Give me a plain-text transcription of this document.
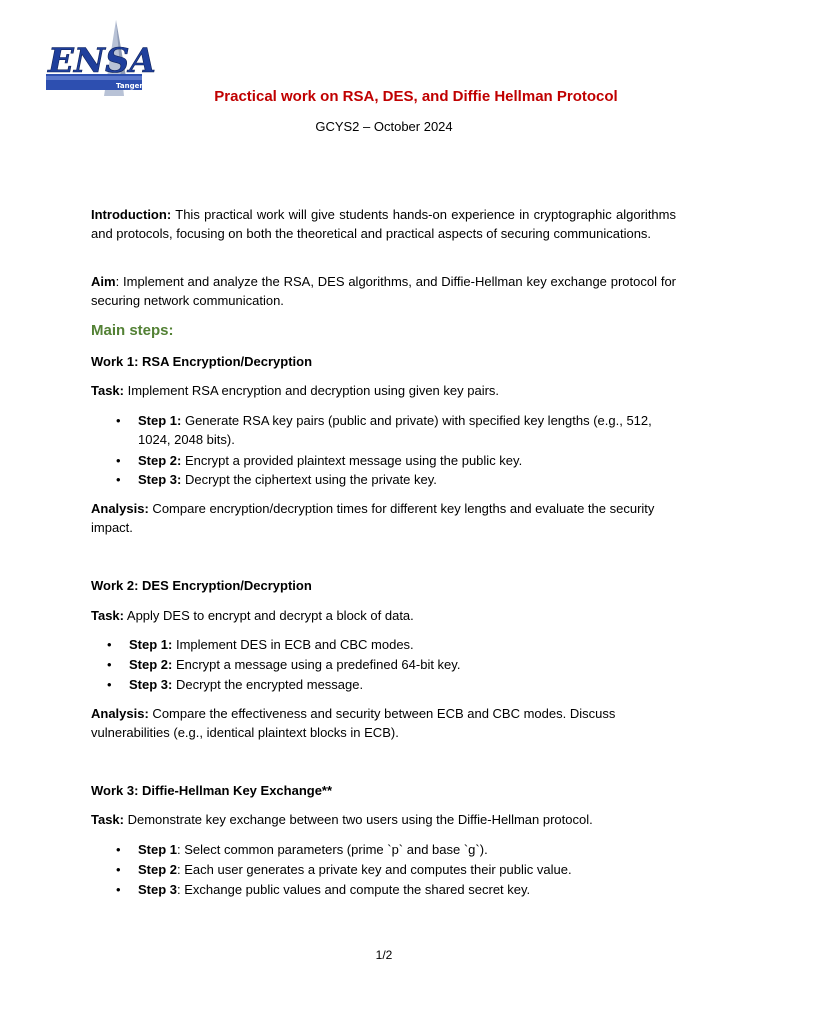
ENSA
Tanger
Practical work on RSA, DES, and Diffie Hellman Protocol
GCYS2 – October 2024
Introduction: This practical work will give students hands-on experience in cryptographic algorithms and protocols, focusing on both the theoretical and practical aspects of securing communications.
Aim: Implement and analyze the RSA, DES algorithms, and Diffie-Hellman key exchange protocol for securing network communication.
Main steps:
Work 1: RSA Encryption/Decryption
Task: Implement RSA encryption and decryption using given key pairs.
• Step 1: Generate RSA key pairs (public and private) with specified key lengths (e.g., 512, 1024, 2048 bits).
• Step 2: Encrypt a provided plaintext message using the public key.
• Step 3: Decrypt the ciphertext using the private key.
Analysis: Compare encryption/decryption times for different key lengths and evaluate the security impact.
Work 2: DES Encryption/Decryption
Task: Apply DES to encrypt and decrypt a block of data.
• Step 1: Implement DES in ECB and CBC modes.
• Step 2: Encrypt a message using a predefined 64-bit key.
• Step 3: Decrypt the encrypted message.
Analysis: Compare the effectiveness and security between ECB and CBC modes. Discuss vulnerabilities (e.g., identical plaintext blocks in ECB).
Work 3: Diffie-Hellman Key Exchange**
Task: Demonstrate key exchange between two users using the Diffie-Hellman protocol.
• Step 1: Select common parameters (prime `p` and base `g`).
• Step 2: Each user generates a private key and computes their public value.
• Step 3: Exchange public values and compute the shared secret key.
1/2
